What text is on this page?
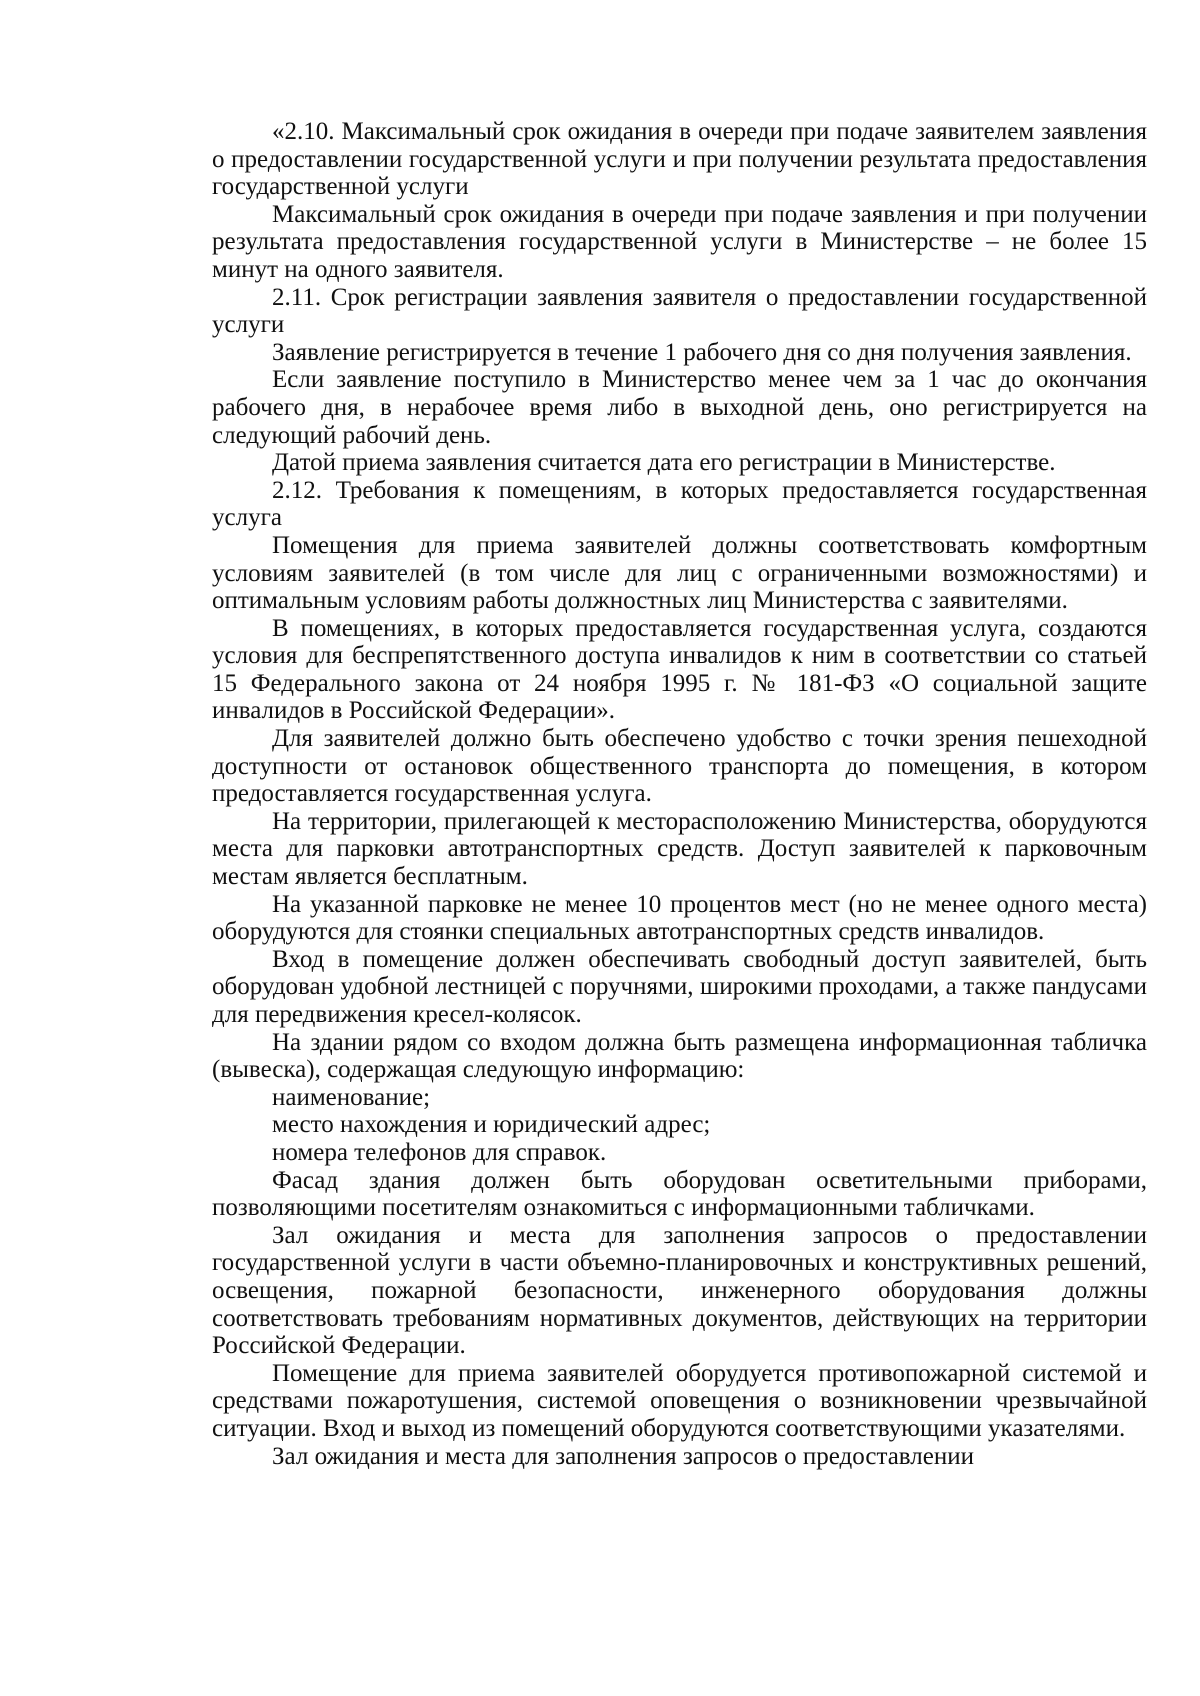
«2.10. Максимальный срок ожидания в очереди при подаче заявителем заявления о предоставлении государственной услуги и при получении результата предоставления государственной услуги

Максимальный срок ожидания в очереди при подаче заявления и при получении результата предоставления государственной услуги в Министерстве – не более 15 минут на одного заявителя.

2.11. Срок регистрации заявления заявителя о предоставлении государственной услуги

Заявление регистрируется в течение 1 рабочего дня со дня получения заявления.

Если заявление поступило в Министерство менее чем за 1 час до окончания рабочего дня, в нерабочее время либо в выходной день, оно регистрируется на следующий рабочий день.

Датой приема заявления считается дата его регистрации в Министерстве.

2.12. Требования к помещениям, в которых предоставляется государственная услуга

Помещения для приема заявителей должны соответствовать комфортным условиям заявителей (в том числе для лиц с ограниченными возможностями) и оптимальным условиям работы должностных лиц Министерства с заявителями.

В помещениях, в которых предоставляется государственная услуга, создаются условия для беспрепятственного доступа инвалидов к ним в соответствии со статьей 15 Федерального закона от 24 ноября 1995 г. № 181-ФЗ «О социальной защите инвалидов в Российской Федерации».

Для заявителей должно быть обеспечено удобство с точки зрения пешеходной доступности от остановок общественного транспорта до помещения, в котором предоставляется государственная услуга.

На территории, прилегающей к месторасположению Министерства, оборудуются места для парковки автотранспортных средств. Доступ заявителей к парковочным местам является бесплатным.

На указанной парковке не менее 10 процентов мест (но не менее одного места) оборудуются для стоянки специальных автотранспортных средств инвалидов.

Вход в помещение должен обеспечивать свободный доступ заявителей, быть оборудован удобной лестницей с поручнями, широкими проходами, а также пандусами для передвижения кресел-колясок.

На здании рядом со входом должна быть размещена информационная табличка (вывеска), содержащая следующую информацию:

наименование;

место нахождения и юридический адрес;

номера телефонов для справок.

Фасад здания должен быть оборудован осветительными приборами, позволяющими посетителям ознакомиться с информационными табличками.

Зал ожидания и места для заполнения запросов о предоставлении государственной услуги в части объемно-планировочных и конструктивных решений, освещения, пожарной безопасности, инженерного оборудования должны соответствовать требованиям нормативных документов, действующих на территории Российской Федерации.

Помещение для приема заявителей оборудуется противопожарной системой и средствами пожаротушения, системой оповещения о возникновении чрезвычайной ситуации. Вход и выход из помещений оборудуются соответствующими указателями.

Зал ожидания и места для заполнения запросов о предоставлении
